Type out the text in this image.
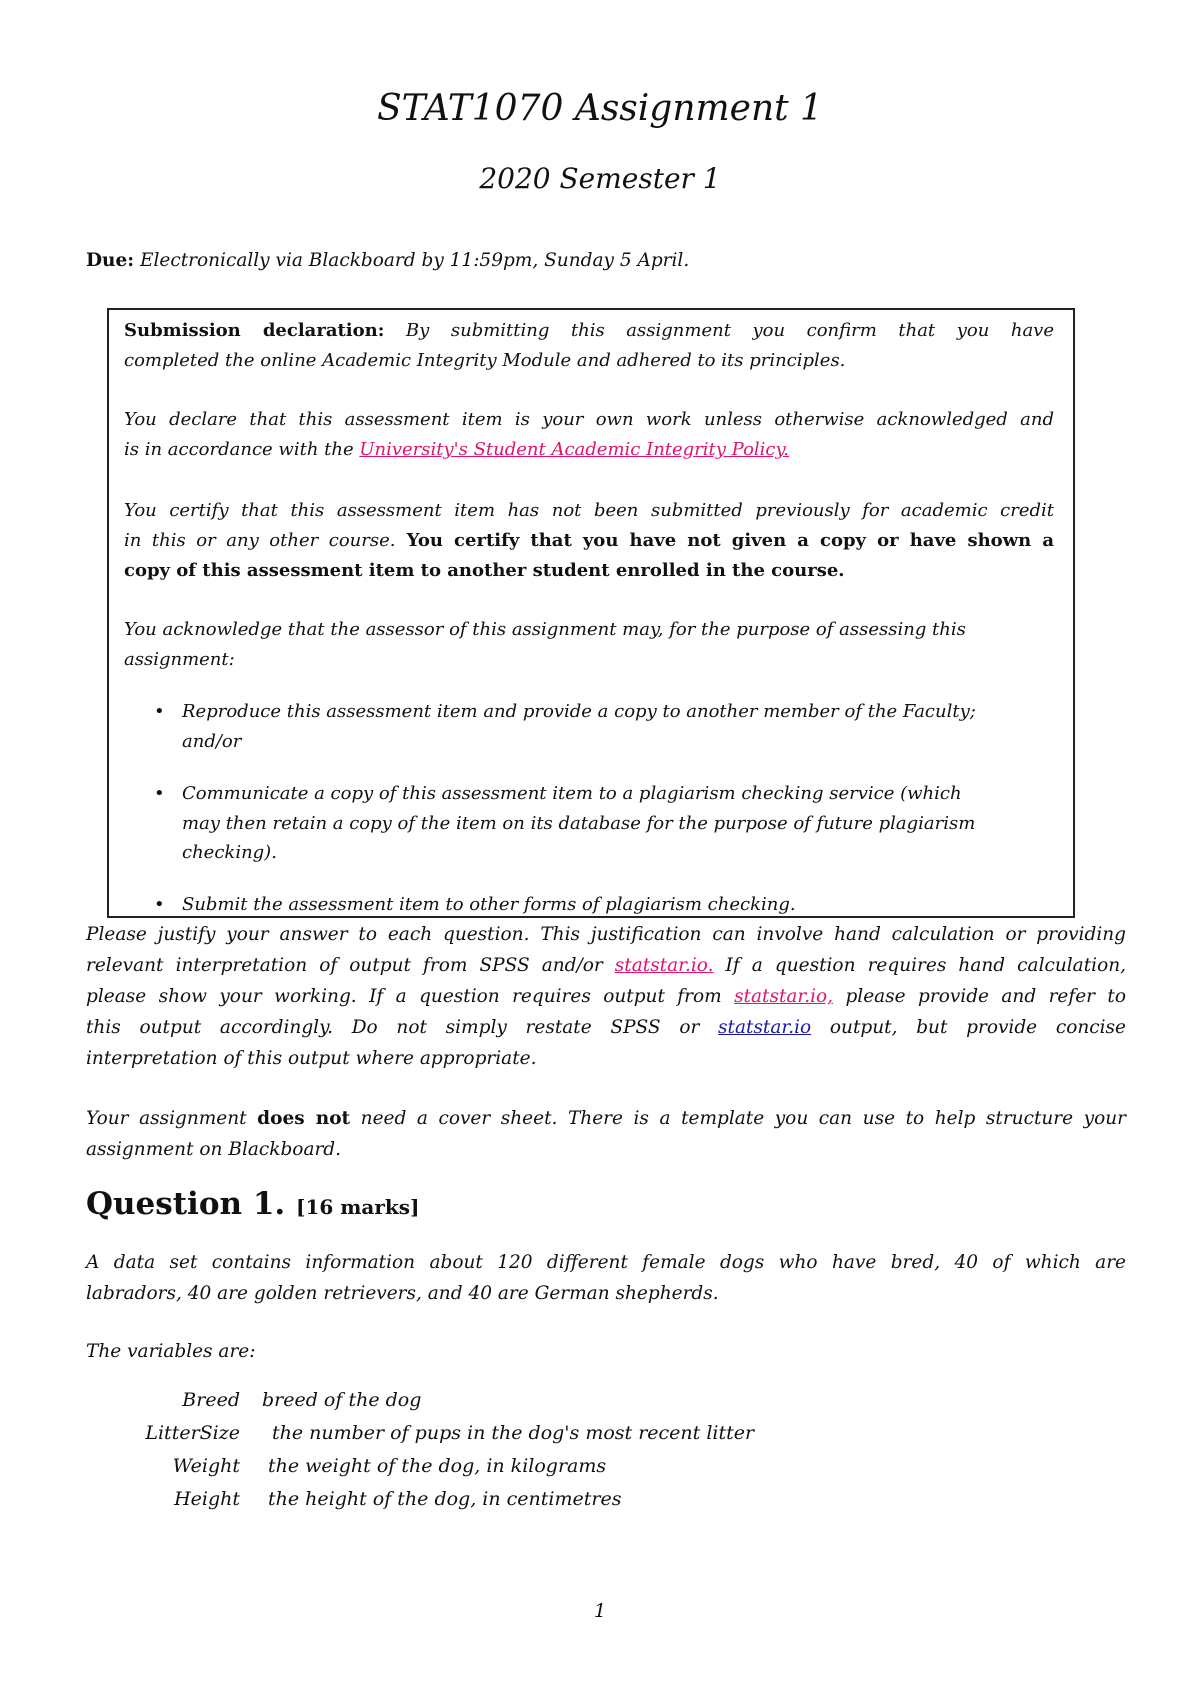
STAT1070 Assignment 1
2020 Semester 1
Due: Electronically via Blackboard by 11:59pm, Sunday 5 April.
Submission declaration: By submitting this assignment you confirm that you have
completed the online Academic Integrity Module and adhered to its principles.
You declare that this assessment item is your own work unless otherwise acknowledged and
is in accordance with the University's Student Academic Integrity Policy.
You certify that this assessment item has not been submitted previously for academic credit
in this or any other course. You certify that you have not given a copy or have shown a
copy of this assessment item to another student enrolled in the course.
You acknowledge that the assessor of this assignment may, for the purpose of assessing this
assignment:
• Reproduce this assessment item and provide a copy to another member of the Faculty;
and/or
• Communicate a copy of this assessment item to a plagiarism checking service (which
may then retain a copy of the item on its database for the purpose of future plagiarism
checking).
• Submit the assessment item to other forms of plagiarism checking.
Please justify your answer to each question. This justification can involve hand calculation or providing
relevant interpretation of output from SPSS and/or statstar.io. If a question requires hand calculation,
please show your working. If a question requires output from statstar.io, please provide and refer to
this output accordingly. Do not simply restate SPSS or statstar.io output, but provide concise
interpretation of this output where appropriate.
Your assignment does not need a cover sheet. There is a template you can use to help structure your
assignment on Blackboard.
Question 1. [16 marks]
A data set contains information about 120 different female dogs who have bred, 40 of which are
labradors, 40 are golden retrievers, and 40 are German shepherds.
The variables are:
Breed breed of the dog
LitterSize the number of pups in the dog's most recent litter
Weight the weight of the dog, in kilograms
Height the height of the dog, in centimetres
1
